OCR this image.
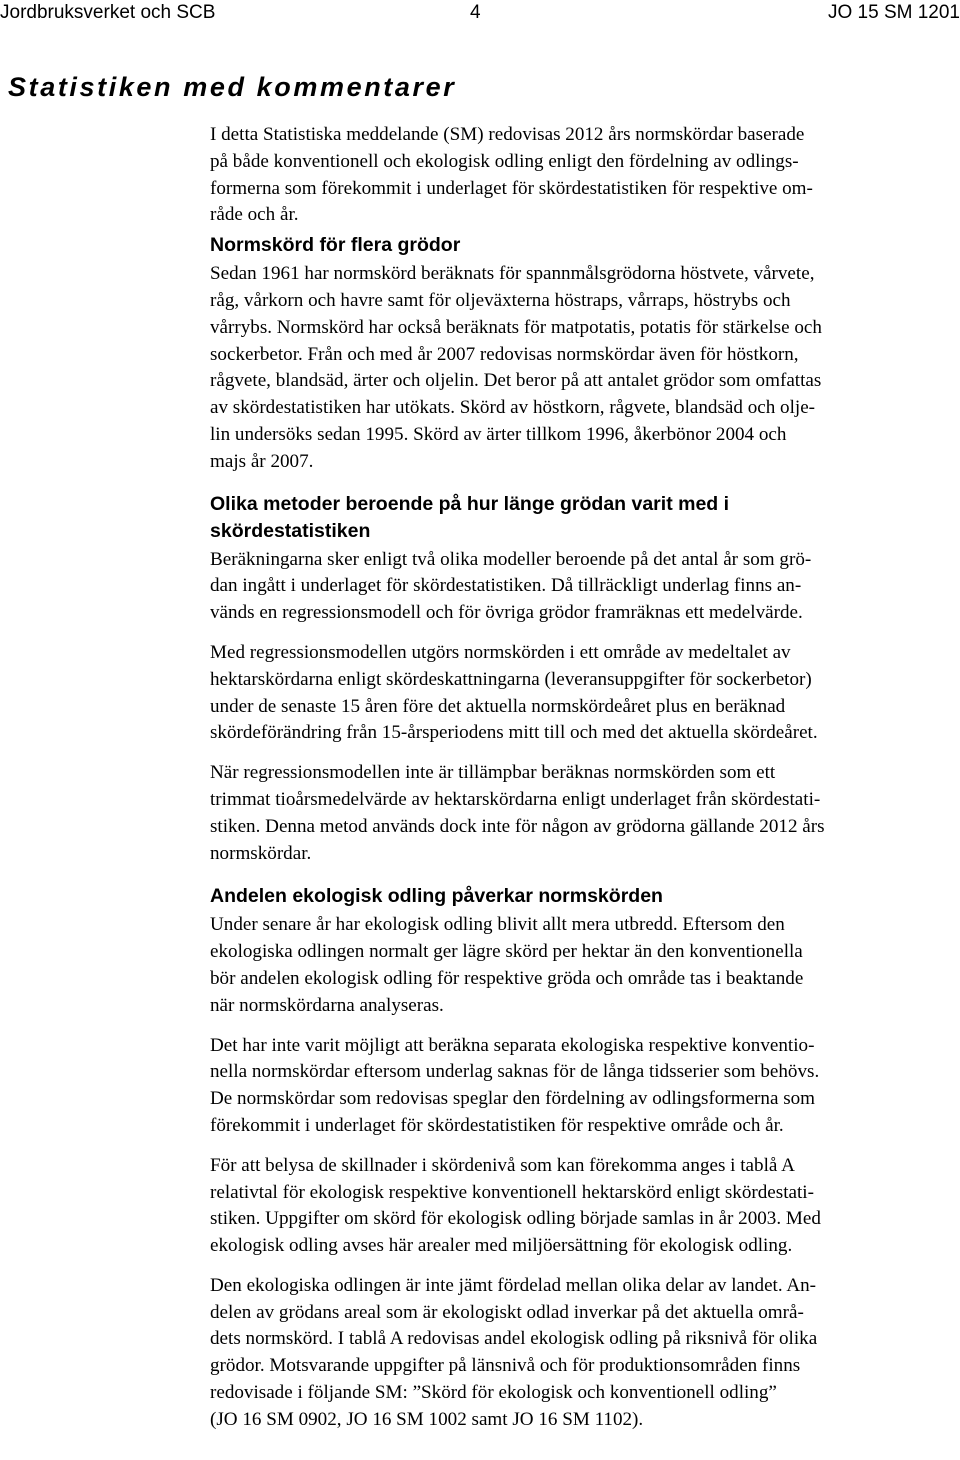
Jordbruksverket och SCB	4	JO 15 SM 1201
Statistiken med kommentarer

I detta Statistiska meddelande (SM) redovisas 2012 års normskördar baserade
på både konventionell och ekologisk odling enligt den fördelning av odlings-
formerna som förekommit i underlaget för skördestatistiken för respektive om-
råde och år.

Normskörd för flera grödor

Sedan 1961 har normskörd beräknats för spannmålsgrödorna höstvete, vårvete,
råg, vårkorn och havre samt för oljeväxterna höstraps, vårraps, höstrybs och
vårrybs. Normskörd har också beräknats för matpotatis, potatis för stärkelse och
sockerbetor. Från och med år 2007 redovisas normskördar även för höstkorn,
rågvete, blandsäd, ärter och oljelin. Det beror på att antalet grödor som omfattas
av skördestatistiken har utökats. Skörd av höstkorn, rågvete, blandsäd och olje-
lin undersöks sedan 1995. Skörd av ärter tillkom 1996, åkerbönor 2004 och
majs år 2007.

Olika metoder beroende på hur länge grödan varit med i
skördestatistiken

Beräkningarna sker enligt två olika modeller beroende på det antal år som grö-
dan ingått i underlaget för skördestatistiken. Då tillräckligt underlag finns an-
vänds en regressionsmodell och för övriga grödor framräknas ett medelvärde.

Med regressionsmodellen utgörs normskörden i ett område av medeltalet av
hektarskördarna enligt skördeskattningarna (leveransuppgifter för sockerbetor)
under de senaste 15 åren före det aktuella normskördeåret plus en beräknad
skördeförändring från 15-årsperiodens mitt till och med det aktuella skördeåret.

När regressionsmodellen inte är tillämpbar beräknas normskörden som ett
trimmat tioårsmedelvärde av hektarskördarna enligt underlaget från skördestati-
stiken. Denna metod används dock inte för någon av grödorna gällande 2012 års
normskördar.

Andelen ekologisk odling påverkar normskörden

Under senare år har ekologisk odling blivit allt mera utbredd. Eftersom den
ekologiska odlingen normalt ger lägre skörd per hektar än den konventionella
bör andelen ekologisk odling för respektive gröda och område tas i beaktande
när normskördarna analyseras.

Det har inte varit möjligt att beräkna separata ekologiska respektive konventio-
nella normskördar eftersom underlag saknas för de långa tidsserier som behövs.
De normskördar som redovisas speglar den fördelning av odlingsformerna som
förekommit i underlaget för skördestatistiken för respektive område och år.

För att belysa de skillnader i skördenivå som kan förekomma anges i tablå A
relativtal för ekologisk respektive konventionell hektarskörd enligt skördestati-
stiken. Uppgifter om skörd för ekologisk odling började samlas in år 2003. Med
ekologisk odling avses här arealer med miljöersättning för ekologisk odling.

Den ekologiska odlingen är inte jämt fördelad mellan olika delar av landet. An-
delen av grödans areal som är ekologiskt odlad inverkar på det aktuella områ-
dets normskörd. I tablå A redovisas andel ekologisk odling på riksnivå för olika
grödor. Motsvarande uppgifter på länsnivå och för produktionsområden finns
redovisade i följande SM: ”Skörd för ekologisk och konventionell odling”
(JO 16 SM 0902, JO 16 SM 1002 samt JO 16 SM 1102).
